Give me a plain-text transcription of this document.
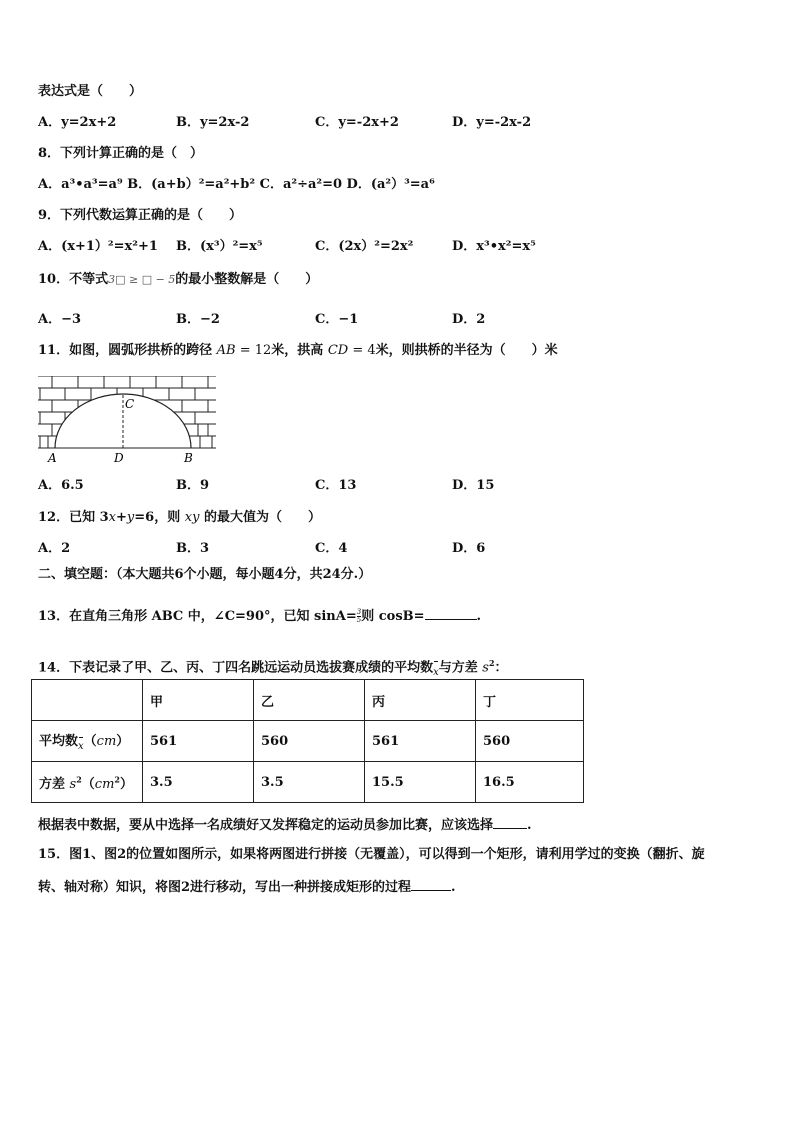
表达式是（　　）
A．y=2x+2	B．y=2x-2	C．y=-2x+2	D．y=-2x-2
8．下列计算正确的是（　）
A．a³•a³=a⁹ B．(a+b）²=a²+b² C．a²÷a²=0 D．(a²）³=a⁶
9．下列代数运算正确的是（　　）
A．(x+1）²=x²+1 B．(x³）²=x⁵	C．(2x）²=2x²	D．x³•x²=x⁵
10．不等式3□ ≥ □ − 5的最小整数解是（　　）
A．−3	B．−2	C．−1	D．2
11．如图，圆弧形拱桥的跨径 AB = 12米，拱高 CD = 4米，则拱桥的半径为（　　）米
C
A	D	B
A．6.5	B．9	C．13	D．15
12．已知 3x+y=6，则 xy 的最大值为（　　）
A．2	B．3	C．4	D．6
二、填空题：（本大题共6个小题，每小题4分，共24分.）
13．在直角三角形 ABC 中，∠C=90°，已知 $\sin A= \frac{3}{5}$ 则 cosB=	.
14．下表记录了甲、乙、丙、丁四名跳远运动员选拔赛成绩的平均数x与方差 $s^2$：
	甲	乙	丙	丁
平均数x（cm）	561	560	561	560
方差 $s^2(cm^2)$	3.5	3.5	15.5	16.5
根据表中数据，要从中选择一名成绩好又发挥稳定的运动员参加比赛，应该选择	.
15．图1、图2的位置如图所示，如果将两图进行拼接（无覆盖），可以得到一个矩形，请利用学过的变换（翻折、旋
转、轴对称）知识，将图2进行移动，写出一种拼接成矩形的过程	.
